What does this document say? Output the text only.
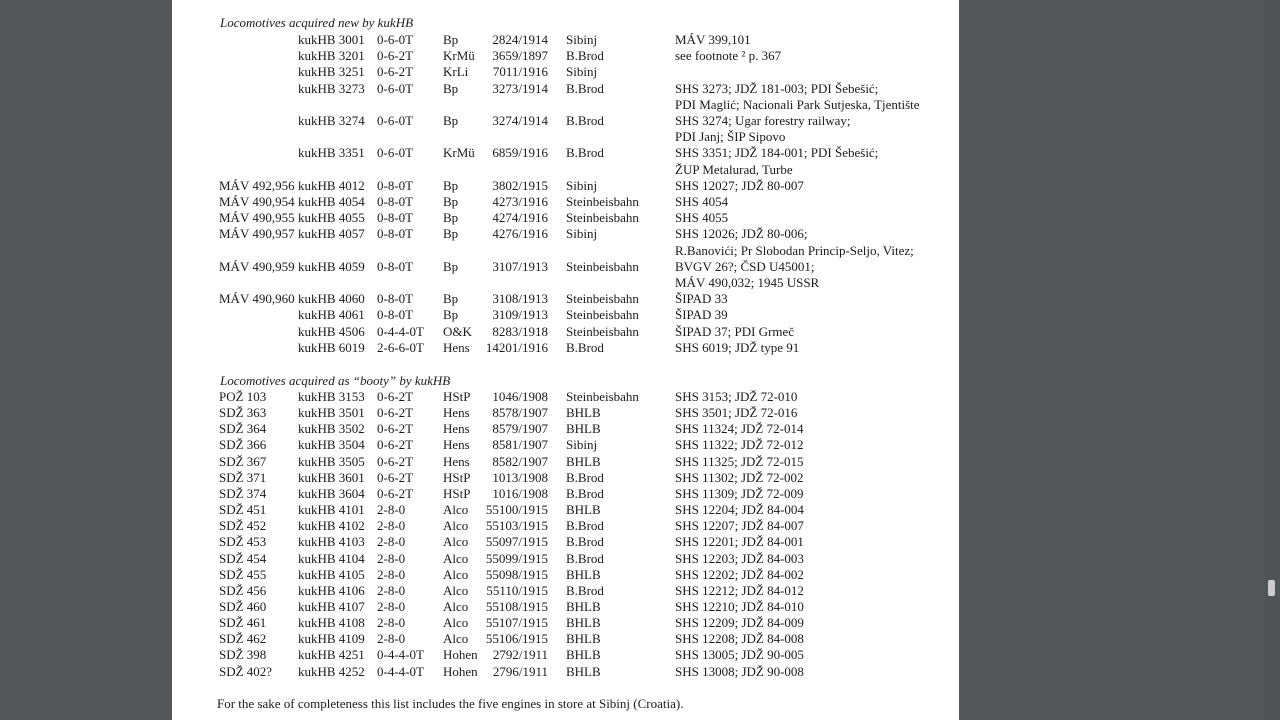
Locomotives acquired new by kukHB
kukHB 3001 0-6-0T Bp	2824/1914 Sibinj	MÁV 399,101
kukHB 3201 0-6-2T KrMü	3659/1897 B.Brod	see footnote ² p. 367
kukHB 3251 0-6-2T KrLi	7011/1916 Sibinj
kukHB 3273 0-6-0T Bp	3273/1914 B.Brod	SHS 3273; JDŽ 181-003; PDI Šebešić;
PDI Maglić; Nacionali Park Sutjeska, Tjentište
kukHB 3274 0-6-0T Bp	3274/1914 B.Brod	SHS 3274; Ugar forestry railway;
PDI Janj; ŠIP Sipovo
kukHB 3351 0-6-0T KrMü	6859/1916 B.Brod	SHS 3351; JDŽ 184-001; PDI Šebešić;
ŽUP Metalurad, Turbe
MÁV 492,956 kukHB 4012 0-8-0T Bp	3802/1915 Sibinj	SHS 12027; JDŽ 80-007
MÁV 490,954 kukHB 4054 0-8-0T Bp	4273/1916 Steinbeisbahn	SHS 4054
MÁV 490,955 kukHB 4055 0-8-0T Bp	4274/1916 Steinbeisbahn	SHS 4055
MÁV 490,957 kukHB 4057 0-8-0T Bp	4276/1916 Sibinj	SHS 12026; JDŽ 80-006;
R.Banovići; Pr Slobodan Princip-Seljo, Vitez;
MÁV 490,959 kukHB 4059 0-8-0T Bp	3107/1913 Steinbeisbahn	BVGV 26?; ČSD U45001;
MÁV 490,032; 1945 USSR
MÁV 490,960 kukHB 4060 0-8-0T Bp	3108/1913 Steinbeisbahn	ŠIPAD 33
kukHB 4061 0-8-0T Bp	3109/1913 Steinbeisbahn	ŠIPAD 39
kukHB 4506 0-4-4-0T O&K	8283/1918 Steinbeisbahn	ŠIPAD 37; PDI Grmeč
kukHB 6019 2-6-6-0T Hens	14201/1916 B.Brod	SHS 6019; JDŽ type 91
Locomotives acquired as “booty” by kukHB
POŽ 103 kukHB 3153 0-6-2T HStP	1046/1908 Steinbeisbahn	SHS 3153; JDŽ 72-010
SDŽ 363 kukHB 3501 0-6-2T Hens	8578/1907 BHLB	SHS 3501; JDŽ 72-016
SDŽ 364 kukHB 3502 0-6-2T Hens	8579/1907 BHLB	SHS 11324; JDŽ 72-014
SDŽ 366 kukHB 3504 0-6-2T Hens	8581/1907 Sibinj	SHS 11322; JDŽ 72-012
SDŽ 367 kukHB 3505 0-6-2T Hens	8582/1907 BHLB	SHS 11325; JDŽ 72-015
SDŽ 371 kukHB 3601 0-6-2T HStP	1013/1908 B.Brod	SHS 11302; JDŽ 72-002
SDŽ 374 kukHB 3604 0-6-2T HStP	1016/1908 B.Brod	SHS 11309; JDŽ 72-009
SDŽ 451 kukHB 4101 2-8-0	Alco	55100/1915 BHLB	SHS 12204; JDŽ 84-004
SDŽ 452 kukHB 4102 2-8-0	Alco	55103/1915 B.Brod	SHS 12207; JDŽ 84-007
SDŽ 453 kukHB 4103 2-8-0	Alco	55097/1915 B.Brod	SHS 12201; JDŽ 84-001
SDŽ 454 kukHB 4104 2-8-0	Alco	55099/1915 B.Brod	SHS 12203; JDŽ 84-003
SDŽ 455 kukHB 4105 2-8-0	Alco	55098/1915 BHLB	SHS 12202; JDŽ 84-002
SDŽ 456 kukHB 4106 2-8-0	Alco	55110/1915 B.Brod	SHS 12212; JDŽ 84-012
SDŽ 460 kukHB 4107 2-8-0	Alco	55108/1915 BHLB	SHS 12210; JDŽ 84-010
SDŽ 461 kukHB 4108 2-8-0	Alco	55107/1915 BHLB	SHS 12209; JDŽ 84-009
SDŽ 462 kukHB 4109 2-8-0	Alco	55106/1915 BHLB	SHS 12208; JDŽ 84-008
SDŽ 398 kukHB 4251 0-4-4-0T Hohen	2792/1911 BHLB	SHS 13005; JDŽ 90-005
SDŽ 402? kukHB 4252 0-4-4-0T Hohen	2796/1911 BHLB	SHS 13008; JDŽ 90-008
For the sake of completeness this list includes the five engines in store at Sibinj (Croatia).
